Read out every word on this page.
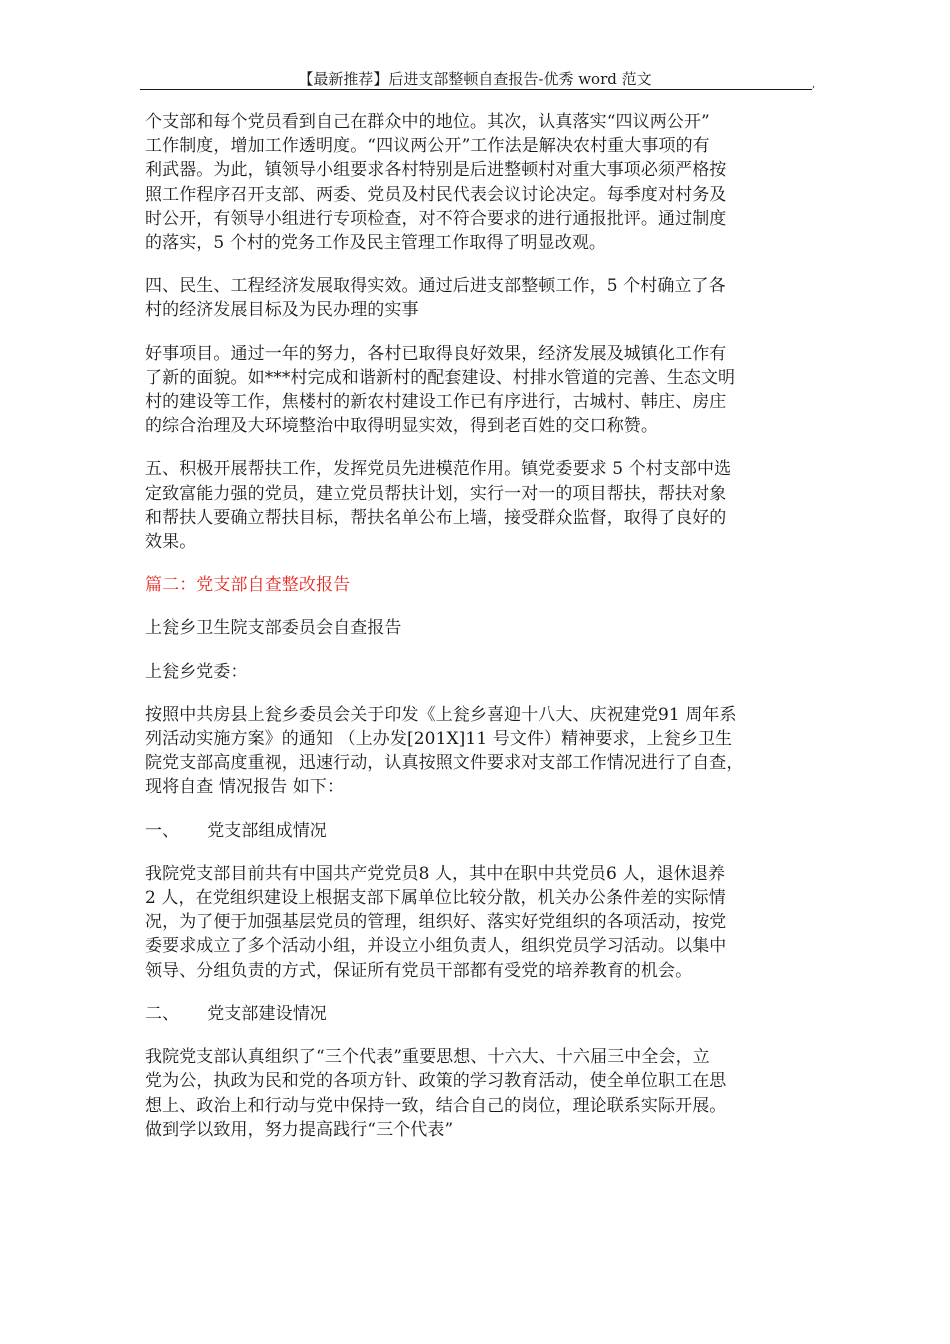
【最新推荐】后进支部整顿自查报告-优秀 word 范文	,

个支部和每个党员看到自己在群众中的地位。其次，认真落实“四议两公开”
工作制度，增加工作透明度。“四议两公开”工作法是解决农村重大事项的有
利武器。为此，镇领导小组要求各村特别是后进整顿村对重大事项必须严格按
照工作程序召开支部、两委、党员及村民代表会议讨论决定。每季度对村务及
时公开，有领导小组进行专项检查，对不符合要求的进行通报批评。通过制度
的落实，5 个村的党务工作及民主管理工作取得了明显改观。

四、民生、工程经济发展取得实效。通过后进支部整顿工作，5 个村确立了各
村的经济发展目标及为民办理的实事

好事项目。通过一年的努力，各村已取得良好效果，经济发展及城镇化工作有
了新的面貌。如***村完成和谐新村的配套建设、村排水管道的完善、生态文明
村的建设等工作，焦楼村的新农村建设工作已有序进行，古城村、韩庄、房庄
的综合治理及大环境整治中取得明显实效，得到老百姓的交口称赞。

五、积极开展帮扶工作，发挥党员先进模范作用。镇党委要求 5 个村支部中选
定致富能力强的党员，建立党员帮扶计划，实行一对一的项目帮扶，帮扶对象
和帮扶人要确立帮扶目标，帮扶名单公布上墙，接受群众监督，取得了良好的
效果。

篇二：党支部自查整改报告

上瓮乡卫生院支部委员会自查报告

上瓮乡党委：

按照中共房县上瓮乡委员会关于印发《上瓮乡喜迎十八大、庆祝建党91 周年系
列活动实施方案》的通知 （上办发[201X]11 号文件）精神要求，上瓮乡卫生
院党支部高度重视，迅速行动，认真按照文件要求对支部工作情况进行了自查，
现将自查 情况报告 如下：

一、 党支部组成情况

我院党支部目前共有中国共产党党员8 人，其中在职中共党员6 人，退休退养
2 人，在党组织建设上根据支部下属单位比较分散，机关办公条件差的实际情
况，为了便于加强基层党员的管理，组织好、落实好党组织的各项活动，按党
委要求成立了多个活动小组，并设立小组负责人，组织党员学习活动。以集中
领导、分组负责的方式，保证所有党员干部都有受党的培养教育的机会。

二、 党支部建设情况

我院党支部认真组织了“三个代表”重要思想、十六大、十六届三中全会，立
党为公，执政为民和党的各项方针、政策的学习教育活动，使全单位职工在思
想上、政治上和行动与党中保持一致，结合自己的岗位，理论联系实际开展。
做到学以致用，努力提高践行“三个代表”
